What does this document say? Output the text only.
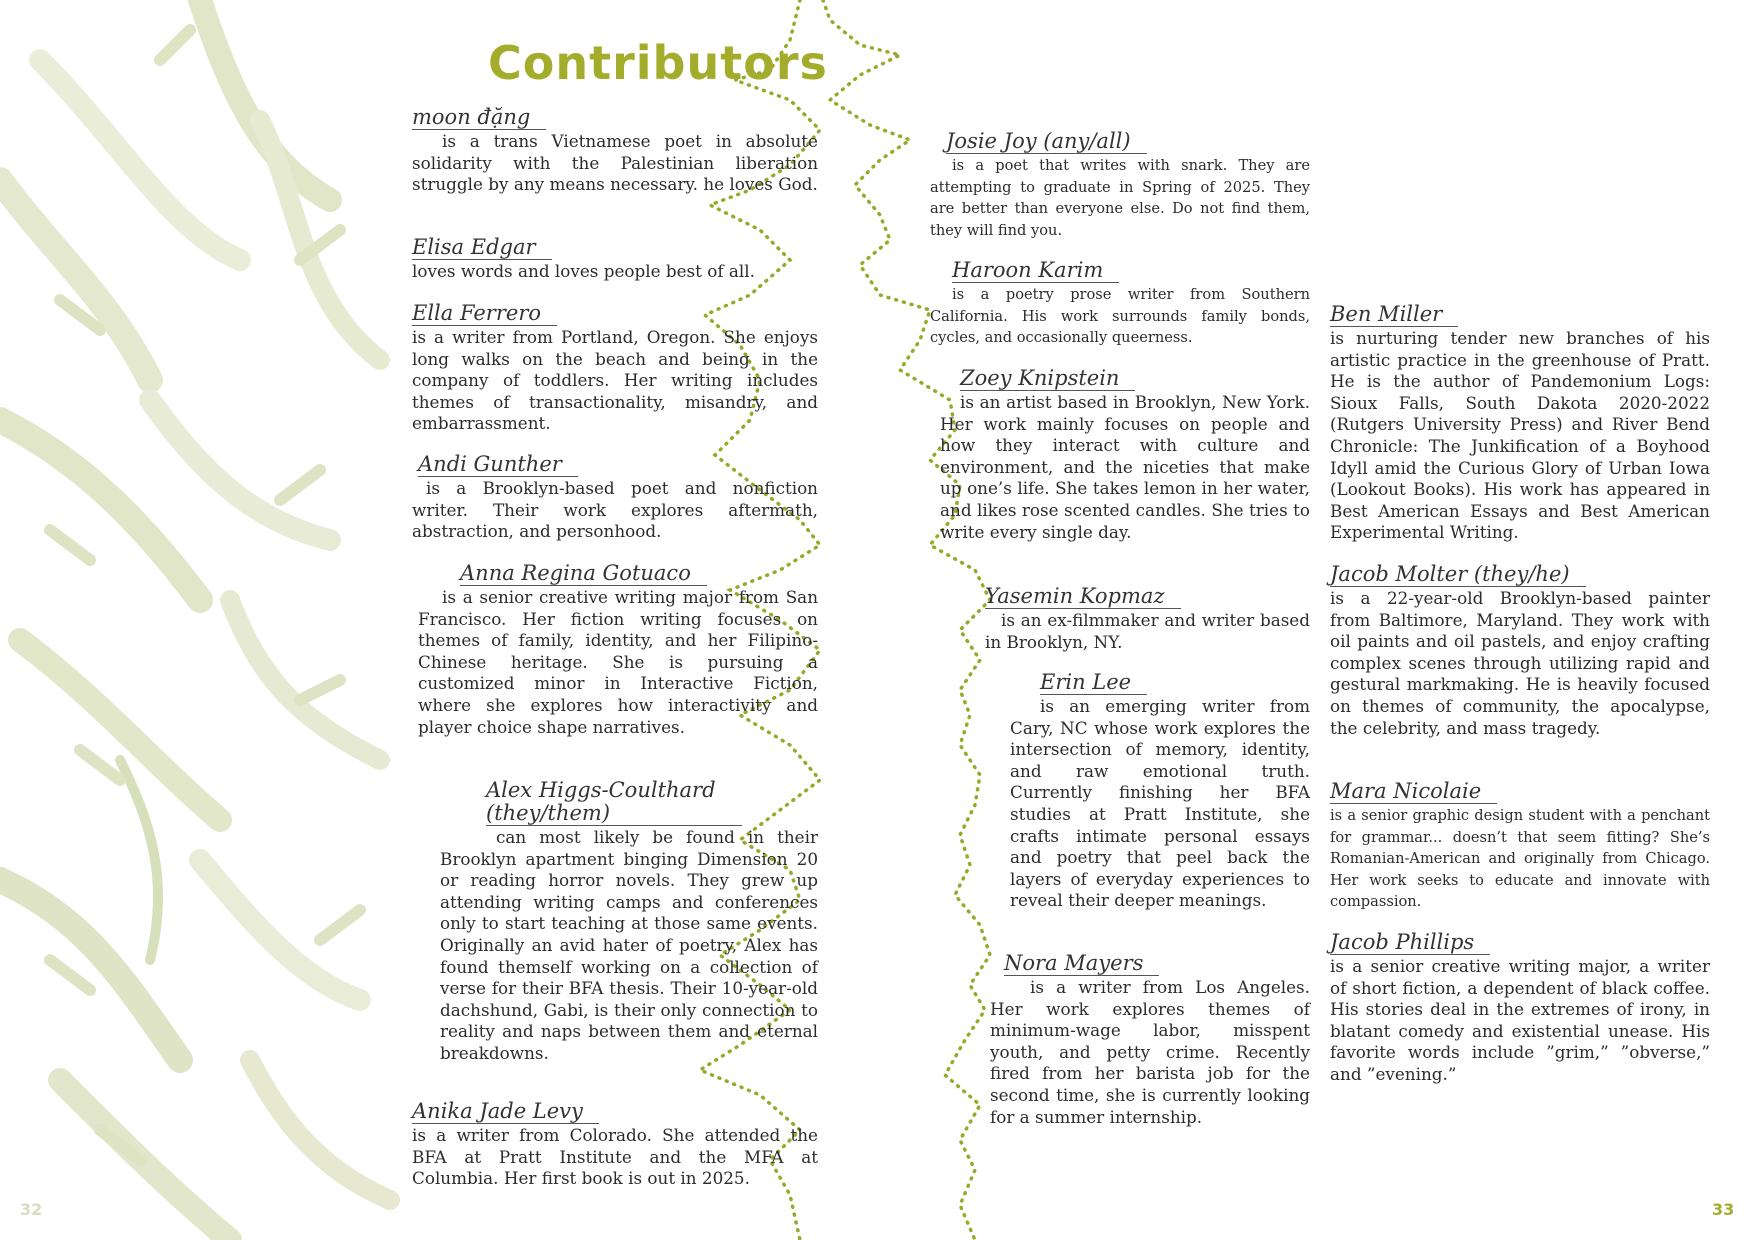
Contributors
moon đặng
is a trans Vietnamese poet in absolute solidarity with the Palestinian liberation struggle by any means necessary. he loves God.
Elisa Edgar
loves words and loves people best of all.
Ella Ferrero
is a writer from Portland, Oregon. She enjoys long walks on the beach and being in the company of toddlers. Her writing includes themes of transactionality, misandry, and embarrassment.
Andi Gunther
is a Brooklyn-based poet and nonfiction writer. Their work explores aftermath, abstraction, and personhood.
Anna Regina Gotuaco
is a senior creative writing major from San Francisco. Her fiction writing focuses on themes of family, identity, and her Filipino-Chinese heritage. She is pursuing a customized minor in Interactive Fiction, where she explores how interactivity and player choice shape narratives.
Alex Higgs-Coulthard (they/them)
can most likely be found in their Brooklyn apartment binging Dimension 20 or reading horror novels. They grew up attending writing camps and conferences only to start teaching at those same events. Originally an avid hater of poetry, Alex has found themself working on a collection of verse for their BFA thesis. Their 10-year-old dachshund, Gabi, is their only connection to reality and naps between them and eternal breakdowns.
Anika Jade Levy
is a writer from Colorado. She attended the BFA at Pratt Institute and the MFA at Columbia. Her first book is out in 2025.
Josie Joy (any/all)
is a poet that writes with snark. They are attempting to graduate in Spring of 2025. They are better than everyone else. Do not find them, they will find you.
Haroon Karim
is a poetry prose writer from Southern California. His work surrounds family bonds, cycles, and occasionally queerness.
Zoey Knipstein
is an artist based in Brooklyn, New York. Her work mainly focuses on people and how they interact with culture and environment, and the niceties that make up one’s life. She takes lemon in her water, and likes rose scented candles. She tries to write every single day.
Yasemin Kopmaz
is an ex-filmmaker and writer based in Brooklyn, NY.
Erin Lee
is an emerging writer from Cary, NC whose work explores the intersection of memory, identity, and raw emotional truth. Currently finishing her BFA studies at Pratt Institute, she crafts intimate personal essays and poetry that peel back the layers of everyday experiences to reveal their deeper meanings.
Nora Mayers
is a writer from Los Angeles. Her work explores themes of minimum-wage labor, misspent youth, and petty crime. Recently fired from her barista job for the second time, she is currently looking for a summer internship.
Ben Miller
is nurturing tender new branches of his artistic practice in the greenhouse of Pratt. He is the author of Pandemonium Logs: Sioux Falls, South Dakota 2020-2022 (Rutgers University Press) and River Bend Chronicle: The Junkification of a Boyhood Idyll amid the Curious Glory of Urban Iowa (Lookout Books). His work has appeared in Best American Essays and Best American Experimental Writing.
Jacob Molter (they/he)
is a 22-year-old Brooklyn-based painter from Baltimore, Maryland. They work with oil paints and oil pastels, and enjoy crafting complex scenes through utilizing rapid and gestural markmaking. He is heavily focused on themes of community, the apocalypse, the celebrity, and mass tragedy.
Mara Nicolaie
is a senior graphic design student with a penchant for grammar... doesn’t that seem fitting? She’s Romanian-American and originally from Chicago. Her work seeks to educate and innovate with compassion.
Jacob Phillips
is a senior creative writing major, a writer of short fiction, a dependent of black coffee. His stories deal in the extremes of irony, in blatant comedy and existential unease. His favorite words include ”grim,” ”obverse,” and ”evening.”
32	33
